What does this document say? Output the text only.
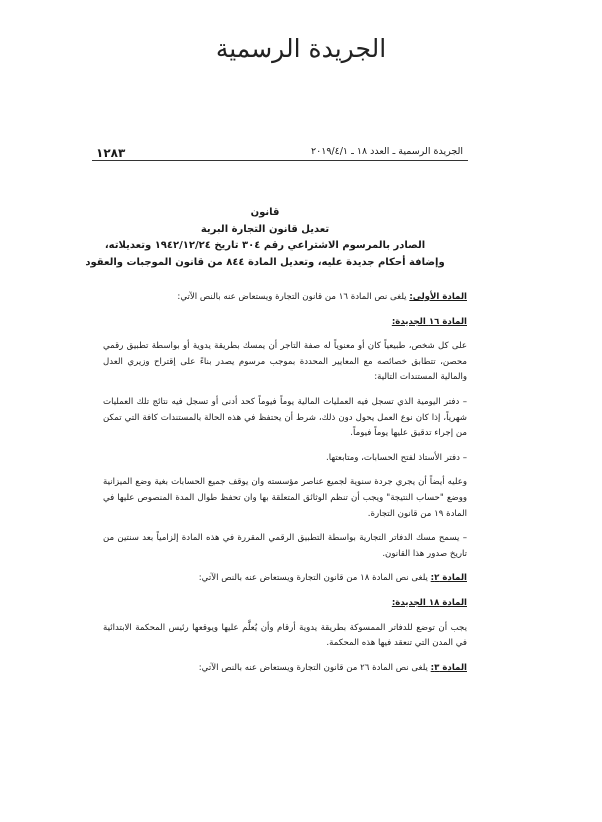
الجريدة الرسمية
الجريدة الرسمية ـ العدد ١٨ ـ ٢٠١٩/٤/١
١٢٨٣
قانون
تعديل قانون التجارة البرية
الصادر بالمرسوم الاشتراعي رقم ٣٠٤ تاريخ ١٩٤٢/١٢/٢٤ وتعديلاته،
وإضافة أحكام جديدة عليه، وتعديل المادة ٨٤٤ من قانون الموجبات والعقود

المادة الأولى: يلغى نص المادة ١٦ من قانون التجارة ويستعاض عنه بالنص الآتي:

المادة ١٦ الجديدة:

على كل شخص، طبيعياً كان أو معنوياً له صفة التاجر أن يمسك بطريقة يدوية أو بواسطة تطبيق رقمي محصن، تتطابق خصائصه مع المعايير المحددة بموجب مرسوم يصدر بناءً على إقتراح وزيري العدل والمالية المستندات التالية:

– دفتر اليومية الذي تسجل فيه العمليات المالية يوماً فيوماً كحد أدنى أو تسجل فيه نتائج تلك العمليات شهرياً، إذا كان نوع العمل يحول دون ذلك، شرط أن يحتفظ في هذه الحالة بالمستندات كافة التي تمكن من إجراء تدقيق عليها يوماً فيوماً.

– دفتر الأستاذ لفتح الحسابات، ومتابعتها.

وعليه أيضاً أن يجري جردة سنوية لجميع عناصر مؤسسته وان يوقف جميع الحسابات بغية وضع الميزانية ووضع "حساب النتيجة" ويجب أن تنظم الوثائق المتعلقة بها وان تحفظ طوال المدة المنصوص عليها في المادة ١٩ من قانون التجارة.

– يسمح مسك الدفاتر التجارية بواسطة التطبيق الرقمي المقررة في هذه المادة إلزامياً بعد سنتين من تاريخ صدور هذا القانون.

المادة ٢: يلغى نص المادة ١٨ من قانون التجارة ويستعاض عنه بالنص الآتي:

المادة ١٨ الجديدة:

يجب أن توضع للدفاتر الممسوكة بطريقة يدوية أرقام وأن يُعلَّم عليها ويوقعها رئيس المحكمة الابتدائية في المدن التي تنعقد فيها هذه المحكمة.

المادة ٣: يلغى نص المادة ٢٦ من قانون التجارة ويستعاض عنه بالنص الآتي:
